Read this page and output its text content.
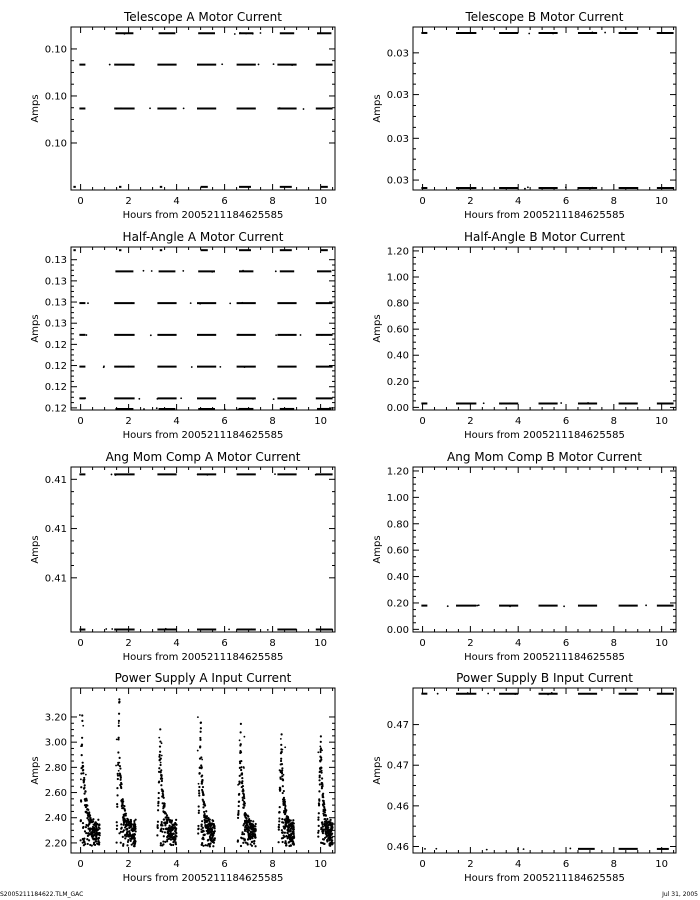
Telescope A Motor Current
Hours from 2005211184625585
Amps
0	2	4	6	8	10
0.10
0.10
0.10
Telescope B Motor Current
Hours from 2005211184625585
Amps
0	2	4	6	8	10
0.03
0.03
0.03
0.03
Half-Angle A Motor Current
Hours from 2005211184625585
Amps
0	2	4	6	8	10
0.12
0.12
0.12
0.12
0.13
0.13
0.13
0.13
Half-Angle B Motor Current
Hours from 2005211184625585
Amps
0	2	4	6	8	10
0.00
0.20
0.40
0.60
0.80
1.00
1.20
Ang Mom Comp A Motor Current
Hours from 2005211184625585
Amps
0	2	4	6	8	10
0.41
0.41
0.41
Ang Mom Comp B Motor Current
Hours from 2005211184625585
Amps
0	2	4	6	8	10
0.00
0.20
0.40
0.60
0.80
1.00
1.20
Power Supply A Input Current
Hours from 2005211184625585
Amps
0	2	4	6	8	10
2.20
2.40
2.60
2.80
3.00
3.20
Power Supply B Input Current
Hours from 2005211184625585
Amps
0	2	4	6	8	10
0.46
0.46
0.47
0.47
S2005211184622.TLM_GAC	Jul 31, 2005
